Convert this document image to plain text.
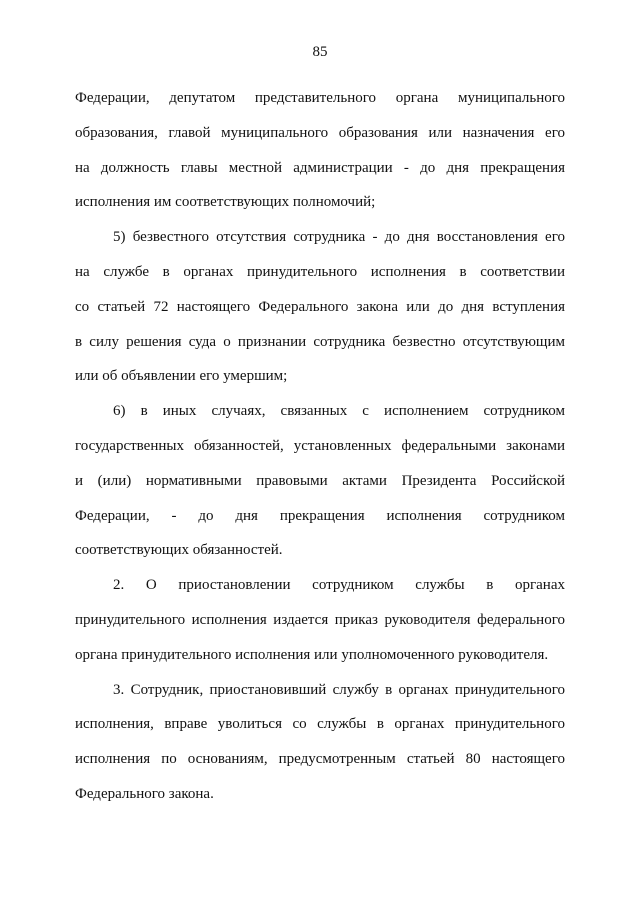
85
Федерации, депутатом представительного органа муниципального
образования, главой муниципального образования или назначения его
на должность главы местной администрации - до дня прекращения
исполнения им соответствующих полномочий;
5) безвестного отсутствия сотрудника - до дня восстановления его
на службе в органах принудительного исполнения в соответствии
со статьей 72 настоящего Федерального закона или до дня вступления
в силу решения суда о признании сотрудника безвестно отсутствующим
или об объявлении его умершим;
6) в иных случаях, связанных с исполнением сотрудником
государственных обязанностей, установленных федеральными законами
и (или) нормативными правовыми актами Президента Российской
Федерации, - до дня прекращения исполнения сотрудником
соответствующих обязанностей.
2. О приостановлении сотрудником службы в органах
принудительного исполнения издается приказ руководителя федерального
органа принудительного исполнения или уполномоченного руководителя.
3. Сотрудник, приостановивший службу в органах принудительного
исполнения, вправе уволиться со службы в органах принудительного
исполнения по основаниям, предусмотренным статьей 80 настоящего
Федерального закона.
